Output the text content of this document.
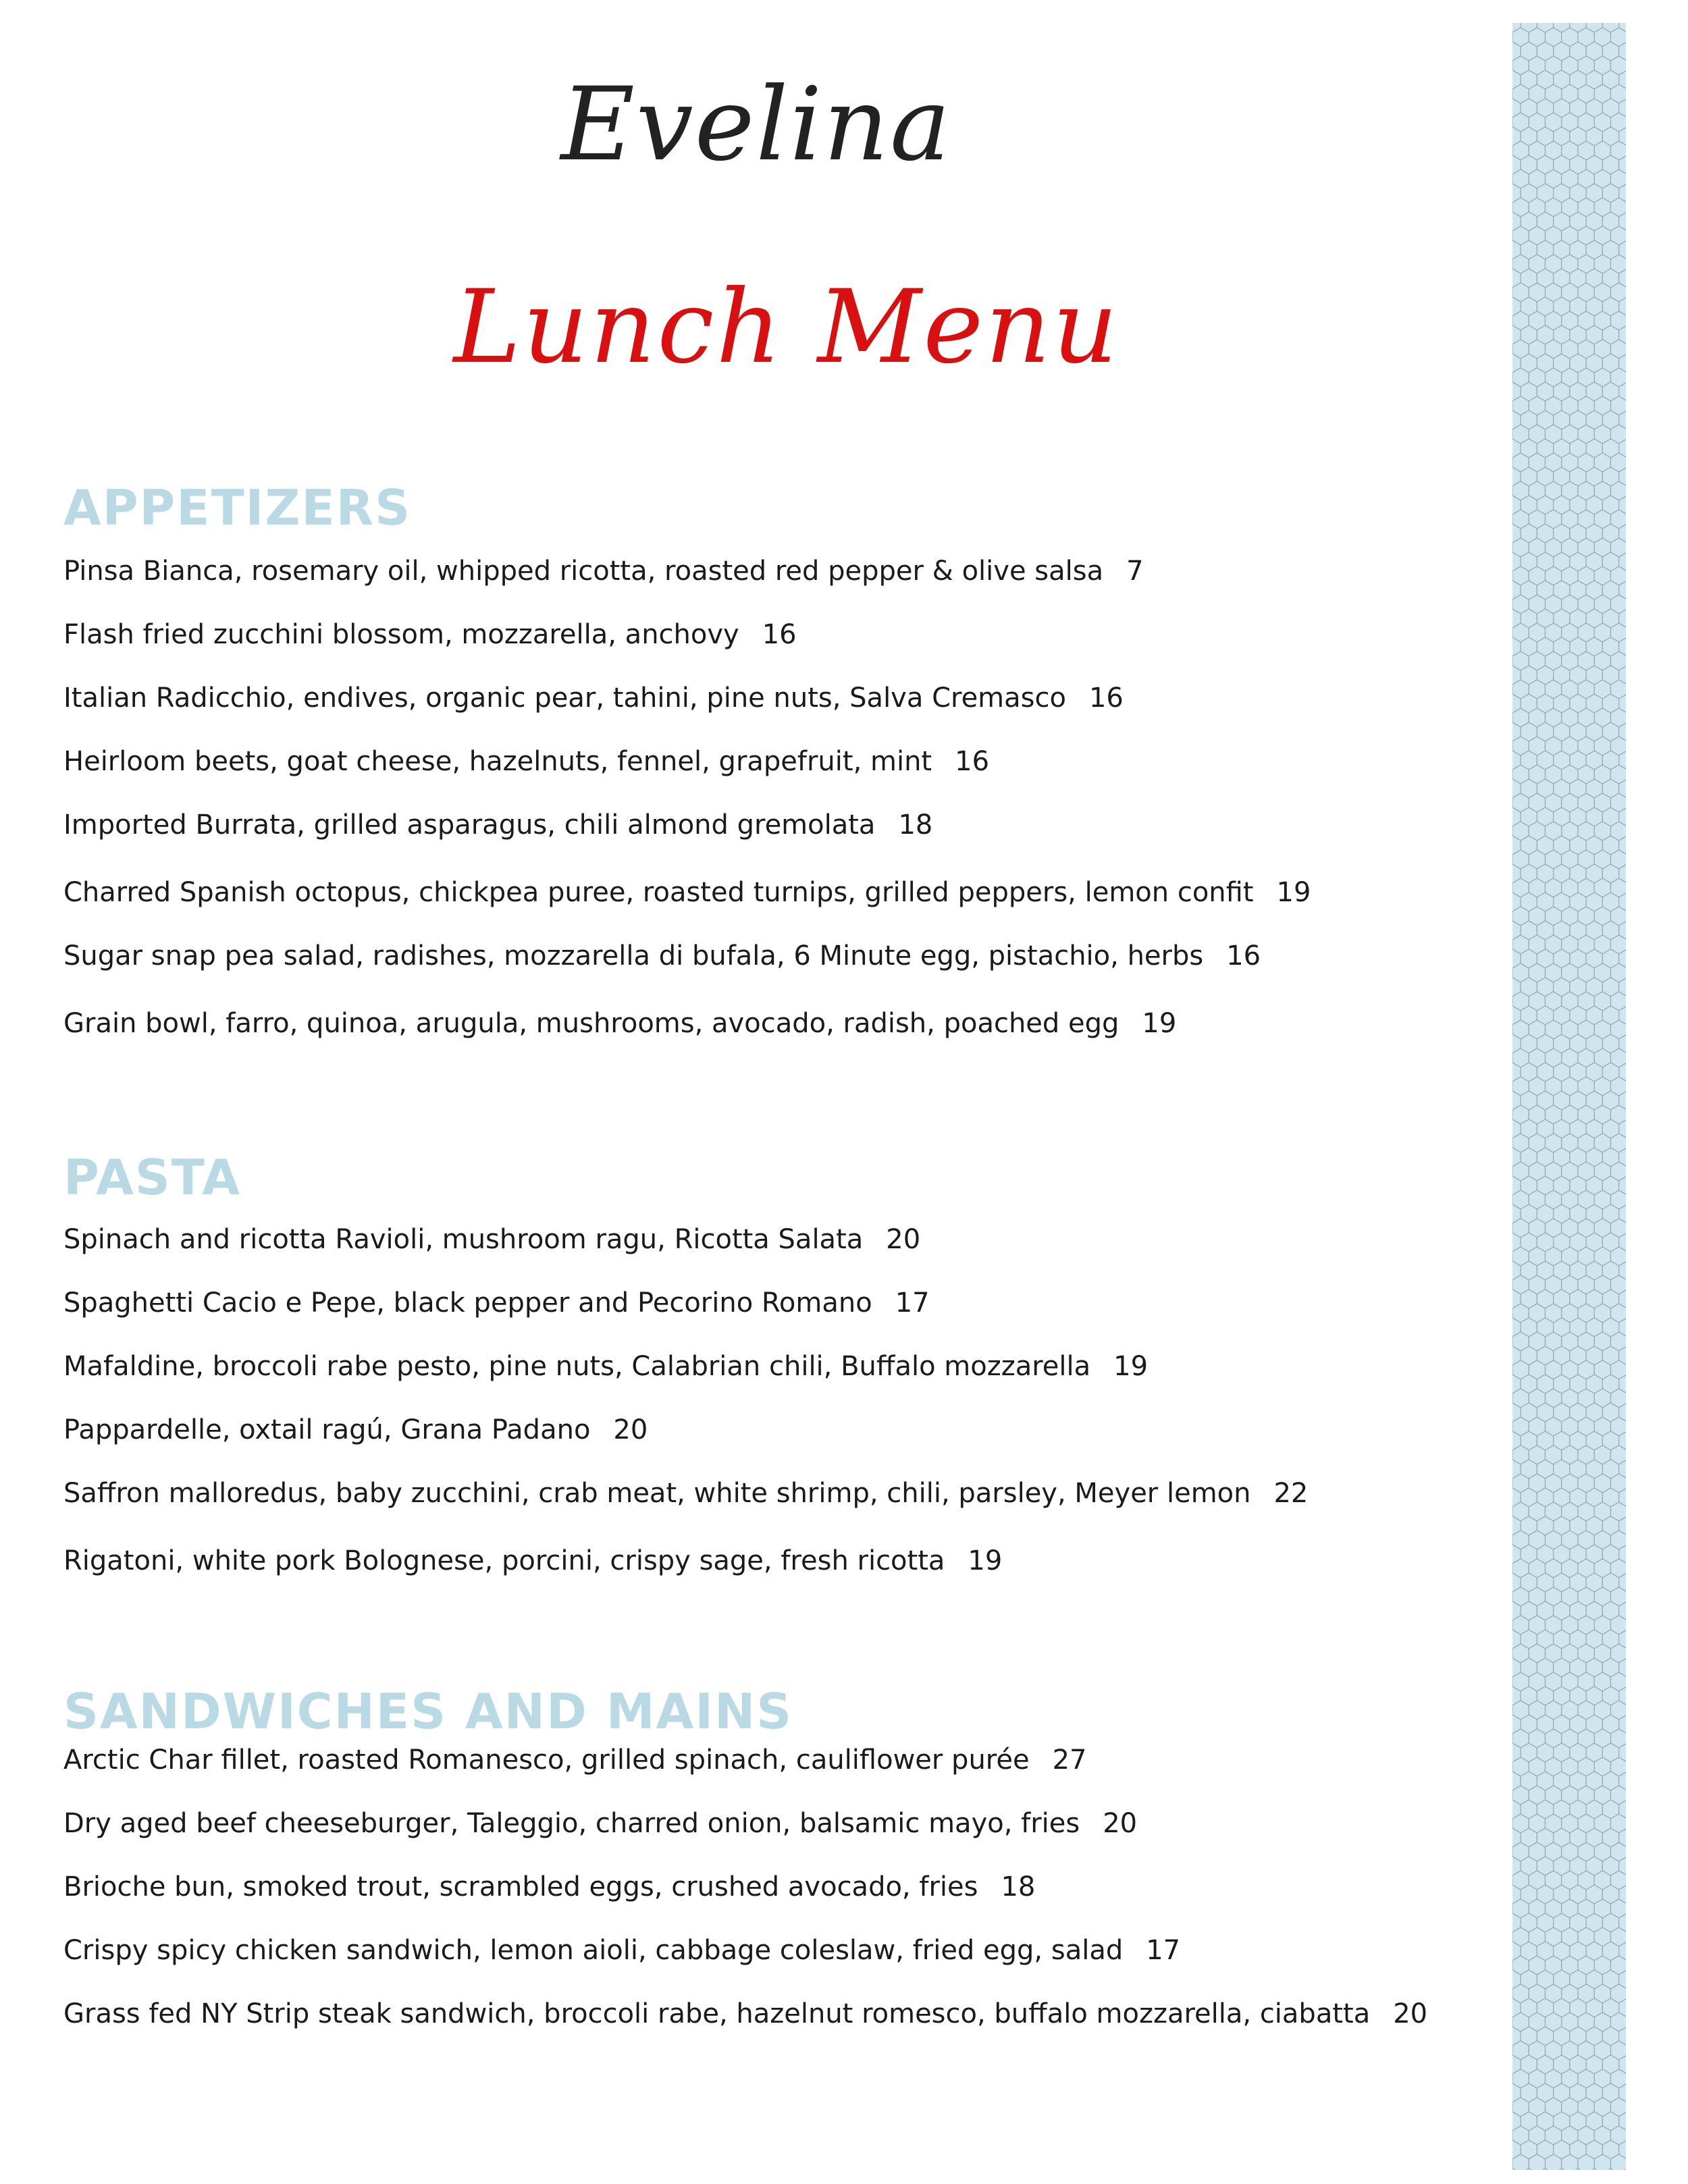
Evelina
Lunch Menu
APPETIZERS
Pinsa Bianca, rosemary oil, whipped ricotta, roasted red pepper & olive salsa 7
Flash fried zucchini blossom, mozzarella, anchovy 16
Italian Radicchio, endives, organic pear, tahini, pine nuts, Salva Cremasco 16
Heirloom beets, goat cheese, hazelnuts, fennel, grapefruit, mint 16
Imported Burrata, grilled asparagus, chili almond gremolata 18
Charred Spanish octopus, chickpea puree, roasted turnips, grilled peppers, lemon confit 19
Sugar snap pea salad, radishes, mozzarella di bufala, 6 Minute egg, pistachio, herbs 16
Grain bowl, farro, quinoa, arugula, mushrooms, avocado, radish, poached egg 19
PASTA
Spinach and ricotta Ravioli, mushroom ragu, Ricotta Salata 20
Spaghetti Cacio e Pepe, black pepper and Pecorino Romano 17
Mafaldine, broccoli rabe pesto, pine nuts, Calabrian chili, Buffalo mozzarella 19
Pappardelle, oxtail ragú, Grana Padano 20
Saffron malloredus, baby zucchini, crab meat, white shrimp, chili, parsley, Meyer lemon 22
Rigatoni, white pork Bolognese, porcini, crispy sage, fresh ricotta 19
SANDWICHES AND MAINS
Arctic Char fillet, roasted Romanesco, grilled spinach, cauliflower purée 27
Dry aged beef cheeseburger, Taleggio, charred onion, balsamic mayo, fries 20
Brioche bun, smoked trout, scrambled eggs, crushed avocado, fries 18
Crispy spicy chicken sandwich, lemon aioli, cabbage coleslaw, fried egg, salad 17
Grass fed NY Strip steak sandwich, broccoli rabe, hazelnut romesco, buffalo mozzarella, ciabatta 20
